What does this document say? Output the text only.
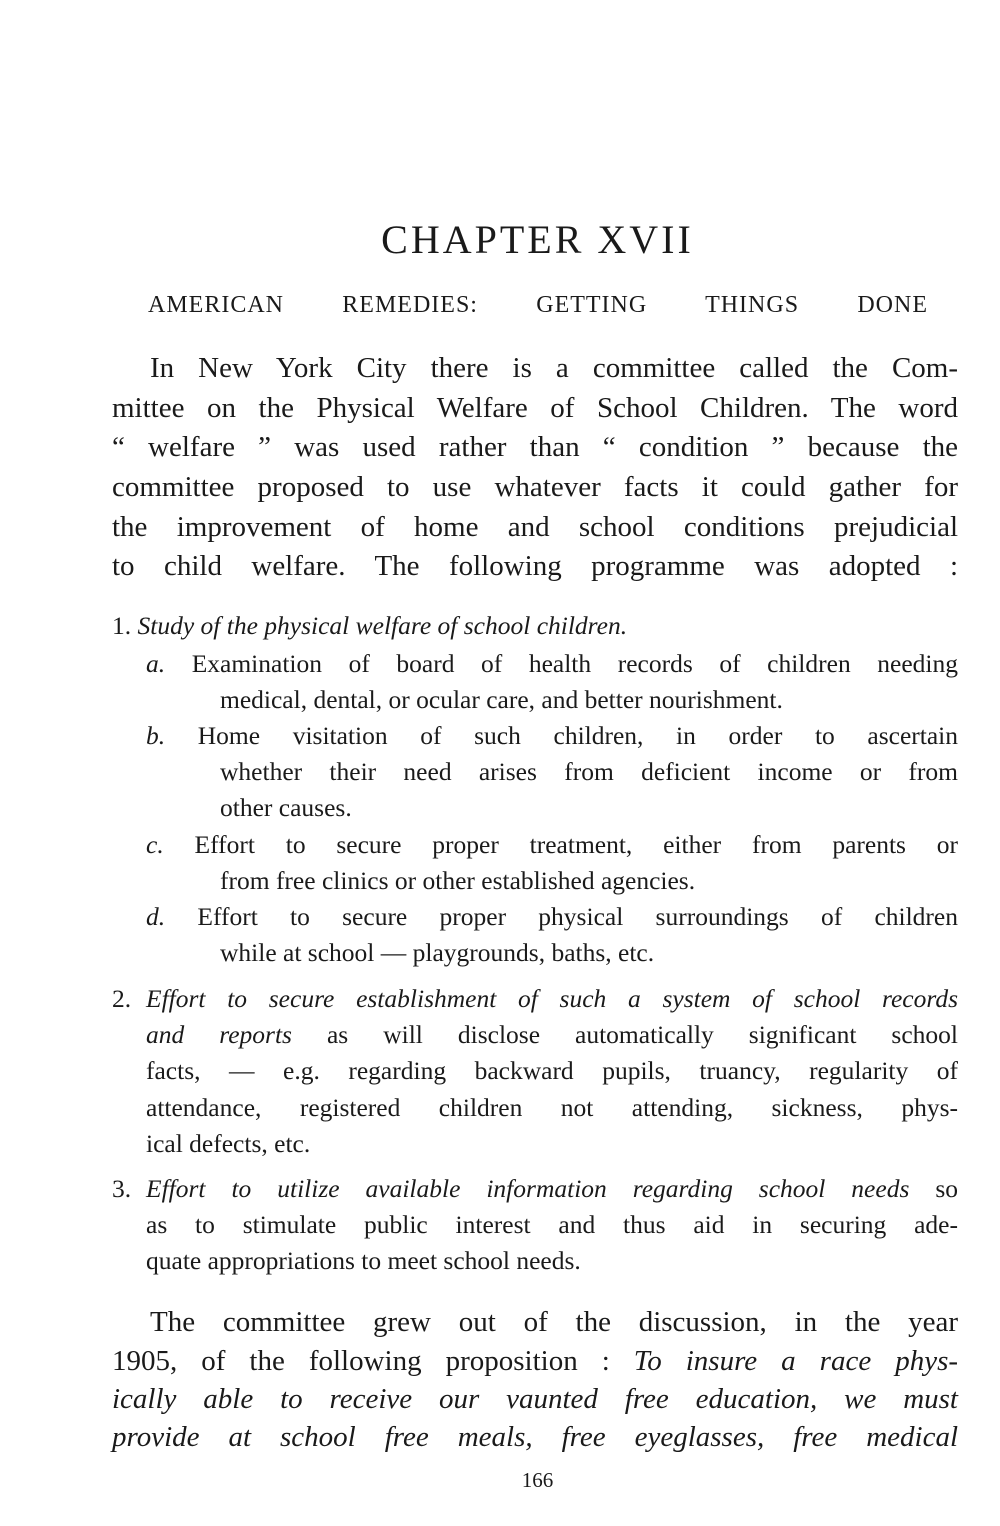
CHAPTER XVII
AMERICAN REMEDIES: GETTING THINGS DONE
In New York City there is a committee called the Com-
mittee on the Physical Welfare of School Children. The word
“ welfare ” was used rather than “ condition ” because the
committee proposed to use whatever facts it could gather for
the improvement of home and school conditions prejudicial
to child welfare. The following programme was adopted :
1. Study of the physical welfare of school children.
a. Examination of board of health records of children needing
medical, dental, or ocular care, and better nourishment.
b. Home visitation of such children, in order to ascertain
whether their need arises from deficient income or from
other causes.
c. Effort to secure proper treatment, either from parents or
from free clinics or other established agencies.
d. Effort to secure proper physical surroundings of children
while at school — playgrounds, baths, etc.
2. Effort to secure establishment of such a system of school records
and reports as will disclose automatically significant school
facts, — e.g. regarding backward pupils, truancy, regularity of
attendance, registered children not attending, sickness, phys-
ical defects, etc.
3. Effort to utilize available information regarding school needs so
as to stimulate public interest and thus aid in securing ade-
quate appropriations to meet school needs.
The committee grew out of the discussion, in the year
1905, of the following proposition : To insure a race phys-
ically able to receive our vaunted free education, we must
provide at school free meals, free eyeglasses, free medical
166
